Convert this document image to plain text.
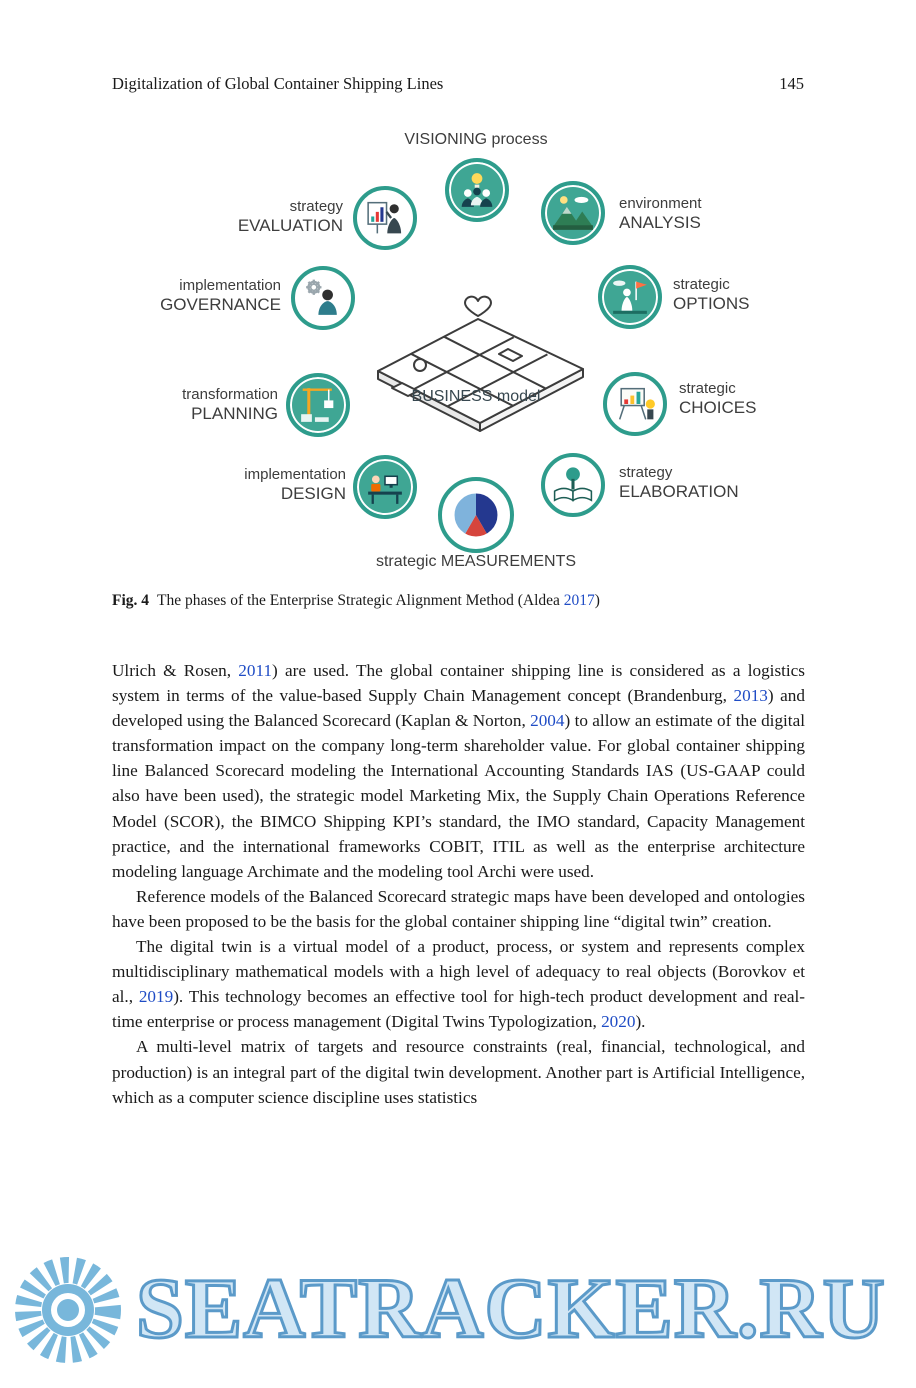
Digitalization of Global Container Shipping Lines	145
VISIONING process
strategy
EVALUATION
environment
ANALYSIS
implementation
GOVERNANCE
strategic
OPTIONS
transformation
PLANNING
strategic
CHOICES
implementation
DESIGN
strategy
ELABORATION
strategic MEASUREMENTS
BUSINESS model
Fig. 4 The phases of the Enterprise Strategic Alignment Method (Aldea 2017)

Ulrich & Rosen, 2011) are used. The global container shipping line is considered as a logistics system in terms of the value-based Supply Chain Management concept (Brandenburg, 2013) and developed using the Balanced Scorecard (Kaplan & Norton, 2004) to allow an estimate of the digital transformation impact on the company long-term shareholder value. For global container shipping line Balanced Scorecard modeling the International Accounting Standards IAS (US-GAAP could also have been used), the strategic model Marketing Mix, the Supply Chain Operations Reference Model (SCOR), the BIMCO Shipping KPI’s standard, the IMO standard, Capacity Management practice, and the international frameworks COBIT, ITIL as well as the enterprise architecture modeling language Archimate and the modeling tool Archi were used.

Reference models of the Balanced Scorecard strategic maps have been developed and ontologies have been proposed to be the basis for the global container shipping line “digital twin” creation.

The digital twin is a virtual model of a product, process, or system and represents complex multidisciplinary mathematical models with a high level of adequacy to real objects (Borovkov et al., 2019). This technology becomes an effective tool for high-tech product development and real-time enterprise or process management (Digital Twins Typologization, 2020).

A multi-level matrix of targets and resource constraints (real, financial, technological, and production) is an integral part of the digital twin development. Another part is Artificial Intelligence, which as a computer science discipline uses statistics

SEATRACKER.RU
